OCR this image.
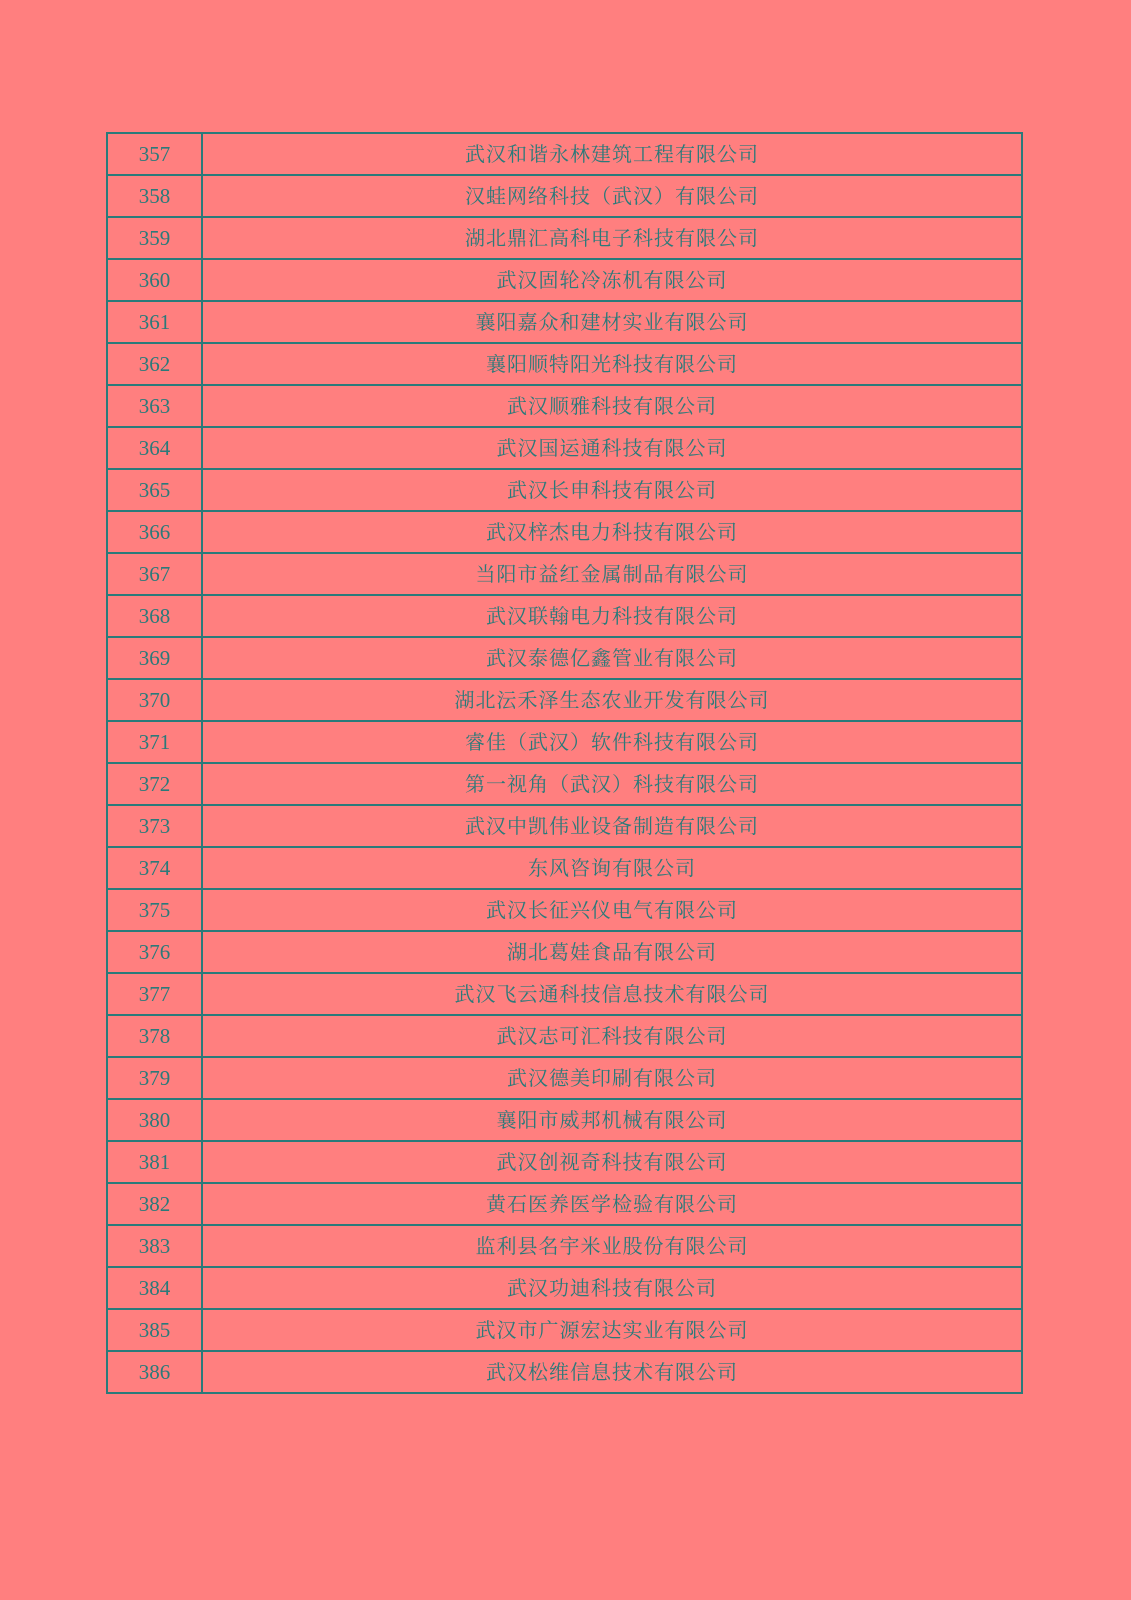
357	武汉和谐永林建筑工程有限公司
358	汉蛙网络科技（武汉）有限公司
359	湖北鼎汇高科电子科技有限公司
360	武汉固轮冷冻机有限公司
361	襄阳嘉众和建材实业有限公司
362	襄阳顺特阳光科技有限公司
363	武汉顺雅科技有限公司
364	武汉国运通科技有限公司
365	武汉长申科技有限公司
366	武汉梓杰电力科技有限公司
367	当阳市益红金属制品有限公司
368	武汉联翰电力科技有限公司
369	武汉泰德亿鑫管业有限公司
370	湖北沄禾泽生态农业开发有限公司
371	睿佳（武汉）软件科技有限公司
372	第一视角（武汉）科技有限公司
373	武汉中凯伟业设备制造有限公司
374	东风咨询有限公司
375	武汉长征兴仪电气有限公司
376	湖北葛娃食品有限公司
377	武汉飞云通科技信息技术有限公司
378	武汉志可汇科技有限公司
379	武汉德美印刷有限公司
380	襄阳市威邦机械有限公司
381	武汉创视奇科技有限公司
382	黄石医养医学检验有限公司
383	监利县名宇米业股份有限公司
384	武汉功迪科技有限公司
385	武汉市广源宏达实业有限公司
386	武汉松维信息技术有限公司
